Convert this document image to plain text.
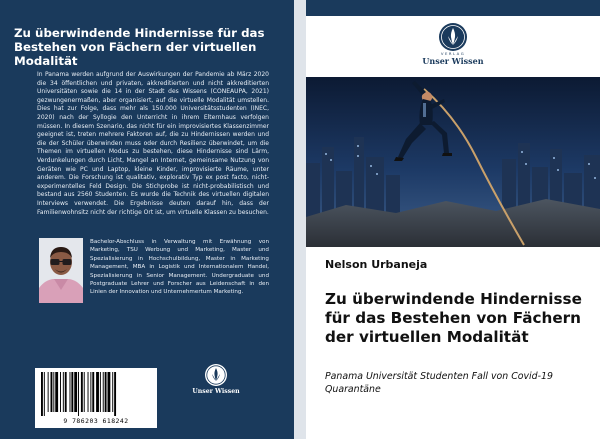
Zu überwindende Hindernisse für das Bestehen von Fächern der virtuellen Modalität

In Panama werden aufgrund der Auswirkungen der Pandemie ab März 2020 die 34 öffentlichen und privaten, akkreditierten und nicht akkreditierten Universitäten sowie die 14 in der Stadt des Wissens (CONEAUPA, 2021) gezwungenermaßen, aber organisiert, auf die virtuelle Modalität umstellen. Dies hat zur Folge, dass mehr als 150.000 Universitätsstudenten (INEC, 2020) nach der Syllogie den Unterricht in ihrem Elternhaus verfolgen müssen. In diesem Szenario, das nicht für ein improvisiertes Klassenzimmer geeignet ist, treten mehrere Faktoren auf, die zu Hindernissen werden und die der Schüler überwinden muss oder durch Resilienz überwindet, um die Themen im virtuellen Modus zu bestehen, diese Hindernisse sind Lärm, Verdunkelungen durch Licht, Mangel an Internet, gemeinsame Nutzung von Geräten wie PC und Laptop, kleine Kinder, improvisierte Räume, unter anderem. Die Forschung ist qualitativ, explorativ Typ ex post facto, nicht-experimentelles Feld Design. Die Stichprobe ist nicht-probabilistisch und bestand aus 2560 Studenten. Es wurde die Technik des virtuellen digitalen Interviews verwendet. Die Ergebnisse deuten darauf hin, dass der Familienwohnsitz nicht der richtige Ort ist, um virtuelle Klassen zu besuchen.

Bachelor-Abschluss in Verwaltung mit Erwähnung von Marketing, TSU Werbung und Marketing, Master und Spezialisierung in Hochschulbildung, Master in Marketing Management, MBA in Logistik und Internationalem Handel, Spezialisierung in Senior Management. Undergraduate und Postgraduate Lehrer und Forscher aus Leidenschaft in den Linien der Innovation und Unternehmertum Marketing.

9 786203 618242
Unser Wissen
VERLAG
Unser Wissen
Nelson Urbaneja
Zu überwindende Hindernisse für das Bestehen von Fächern der virtuellen Modalität

Panama Universität Studenten Fall von Covid-19 Quarantäne
